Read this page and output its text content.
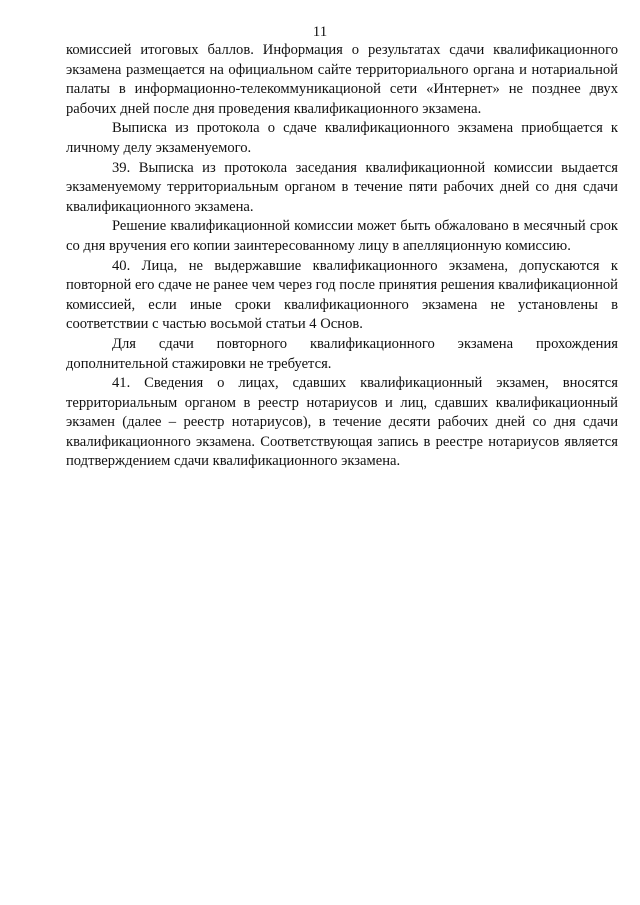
11

комиссией итоговых баллов. Информация о результатах сдачи квалификационного экзамена размещается на официальном сайте территориального органа и нотариальной палаты в информационно-телекоммуникационой сети «Интернет» не позднее двух рабочих дней после дня проведения квалификационного экзамена.

Выписка из протокола о сдаче квалификационного экзамена приобщается к личному делу экзаменуемого.

39. Выписка из протокола заседания квалификационной комиссии выдается экзаменуемому территориальным органом в течение пяти рабочих дней со дня сдачи квалификационного экзамена.

Решение квалификационной комиссии может быть обжаловано в месячный срок со дня вручения его копии заинтересованному лицу в апелляционную комиссию.

40. Лица, не выдержавшие квалификационного экзамена, допускаются к повторной его сдаче не ранее чем через год после принятия решения квалификационной комиссией, если иные сроки квалификационного экзамена не установлены в соответствии с частью восьмой статьи 4 Основ.

Для сдачи повторного квалификационного экзамена прохождения дополнительной стажировки не требуется.

41. Сведения о лицах, сдавших квалификационный экзамен, вносятся территориальным органом в реестр нотариусов и лиц, сдавших квалификационный экзамен (далее – реестр нотариусов), в течение десяти рабочих дней со дня сдачи квалификационного экзамена. Соответствующая запись в реестре нотариусов является подтверждением сдачи квалификационного экзамена.
